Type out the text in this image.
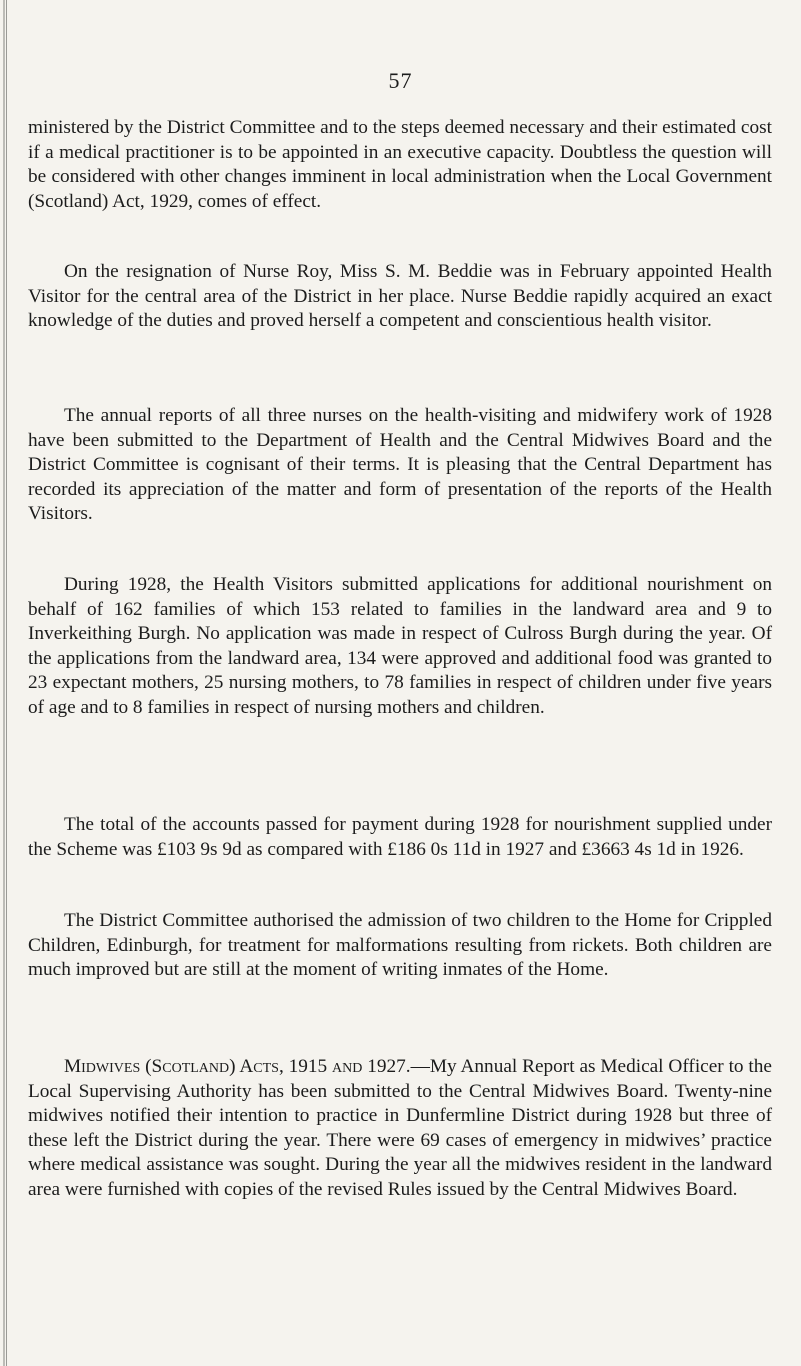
57

ministered by the District Committee and to the steps deemed necessary and their estimated cost if a medical practitioner is to be appointed in an executive capacity. Doubtless the question will be considered with other changes imminent in local administration when the Local Government (Scotland) Act, 1929, comes of effect.

On the resignation of Nurse Roy, Miss S. M. Beddie was in February appointed Health Visitor for the central area of the District in her place. Nurse Beddie rapidly acquired an exact knowledge of the duties and proved herself a competent and conscientious health visitor.

The annual reports of all three nurses on the health-visiting and midwifery work of 1928 have been submitted to the Department of Health and the Central Midwives Board and the District Committee is cognisant of their terms. It is pleasing that the Central Department has recorded its appreciation of the matter and form of presentation of the reports of the Health Visitors.

During 1928, the Health Visitors submitted applications for additional nourishment on behalf of 162 families of which 153 related to families in the landward area and 9 to Inverkeithing Burgh. No application was made in respect of Culross Burgh during the year. Of the applications from the landward area, 134 were approved and additional food was granted to 23 expectant mothers, 25 nursing mothers, to 78 families in respect of children under five years of age and to 8 families in respect of nursing mothers and children.

The total of the accounts passed for payment during 1928 for nourishment supplied under the Scheme was £103 9s 9d as compared with £186 0s 11d in 1927 and £3663 4s 1d in 1926.

The District Committee authorised the admission of two children to the Home for Crippled Children, Edinburgh, for treatment for malformations resulting from rickets. Both children are much improved but are still at the moment of writing inmates of the Home.

Midwives (Scotland) Acts, 1915 and 1927.—My Annual Report as Medical Officer to the Local Supervising Authority has been submitted to the Central Midwives Board. Twenty-nine midwives notified their intention to practice in Dunfermline District during 1928 but three of these left the District during the year. There were 69 cases of emergency in midwives’ practice where medical assistance was sought. During the year all the midwives resident in the landward area were furnished with copies of the revised Rules issued by the Central Midwives Board.
